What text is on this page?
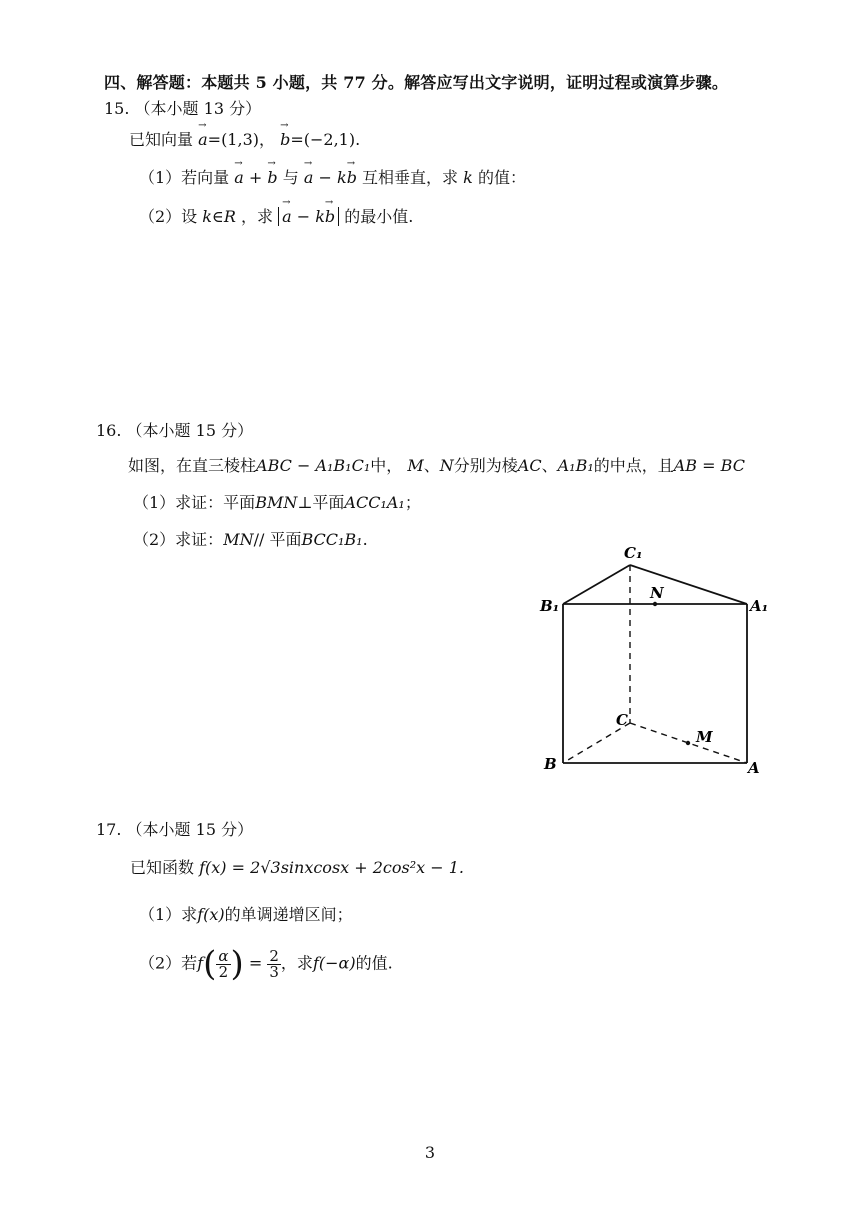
四、解答题：本题共 5 小题，共 77 分。解答应写出文字说明，证明过程或演算步骤。
15. （本小题 13 分）
已知向量 → a=(1,3)， → b=(−2,1).
（1）若向量 → a + → b 与 → a − k→ b 互相垂直，求 k 的值：
（2）设 k∈R ，求 → a − k→ b 的最小值.
16. （本小题 15 分）
如图，在直三棱柱ABC − A₁B₁C₁中， M、N分别为棱AC、A₁B₁的中点，且AB = BC
（1）求证：平面BMN⊥平面ACC₁A₁；
（2）求证：MN// 平面BCC₁B₁.
C₁
B₁	A₁
N
C
M
B	A
17. （本小题 15 分）
已知函数 f(x) = 2√3sinxcosx + 2cos²x − 1.
（1）求f(x)的单调递增区间；
（2）若$f( \frac{\alpha}{2}$ ) = $\frac{2}{3}$ ，求f(−α)的值.
3
